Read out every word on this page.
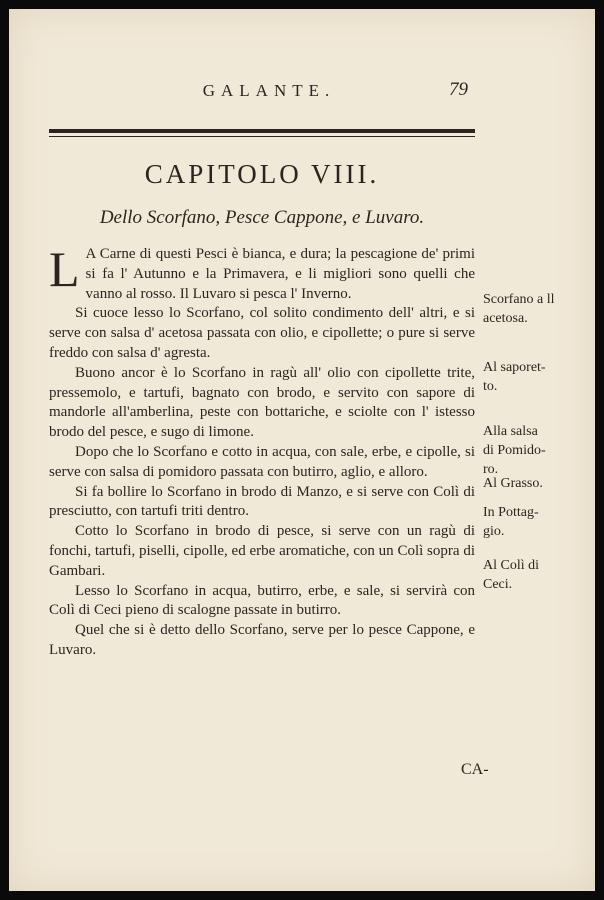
GALANTE.	79
CAPITOLO VIII.
Dello Scorfano, Pesce Cappone, e Luvaro.

L A Carne di questi Pesci è bianca, e dura; la pescagione de' primi si fa l' Autunno e la Primavera, e li migliori sono quelli che vanno al rosso. Il Luvaro si pesca l' Inverno.

Si cuoce lesso lo Scorfano, col solito condimento dell' altri, e si serve con salsa d' acetosa passata con olio, e cipollette; o pure si serve freddo con salsa d' agresta.

Buono ancor è lo Scorfano in ragù all' olio con cipollette trite, pressemolo, e tartufi, bagnato con brodo, e servito con sapore di mandorle all'amberlina, peste con bottariche, e sciolte con l' istesso brodo del pesce, e sugo di limone.

Dopo che lo Scorfano e cotto in acqua, con sale, erbe, e cipolle, si serve con salsa di pomidoro passata con butirro, aglio, e alloro.

Si fa bollire lo Scorfano in brodo di Manzo, e si serve con Colì di presciutto, con tartufi triti dentro.

Cotto lo Scorfano in brodo di pesce, si serve con un ragù di fonchi, tartufi, piselli, cipolle, ed erbe aromatiche, con un Colì sopra di Gambari.

Lesso lo Scorfano in acqua, butirro, erbe, e sale, si servirà con Colì di Ceci pieno di scalogne passate in butirro.

Quel che si è detto dello Scorfano, serve per lo pesce Cappone, e Luvaro.

Scorfano a ll
acetosa.
Al saporet-
to.
Alla salsa
di Pomido-
ro.
Al Grasso.
In Pottag-
gio.
Al Colì di
Ceci.
CA-
